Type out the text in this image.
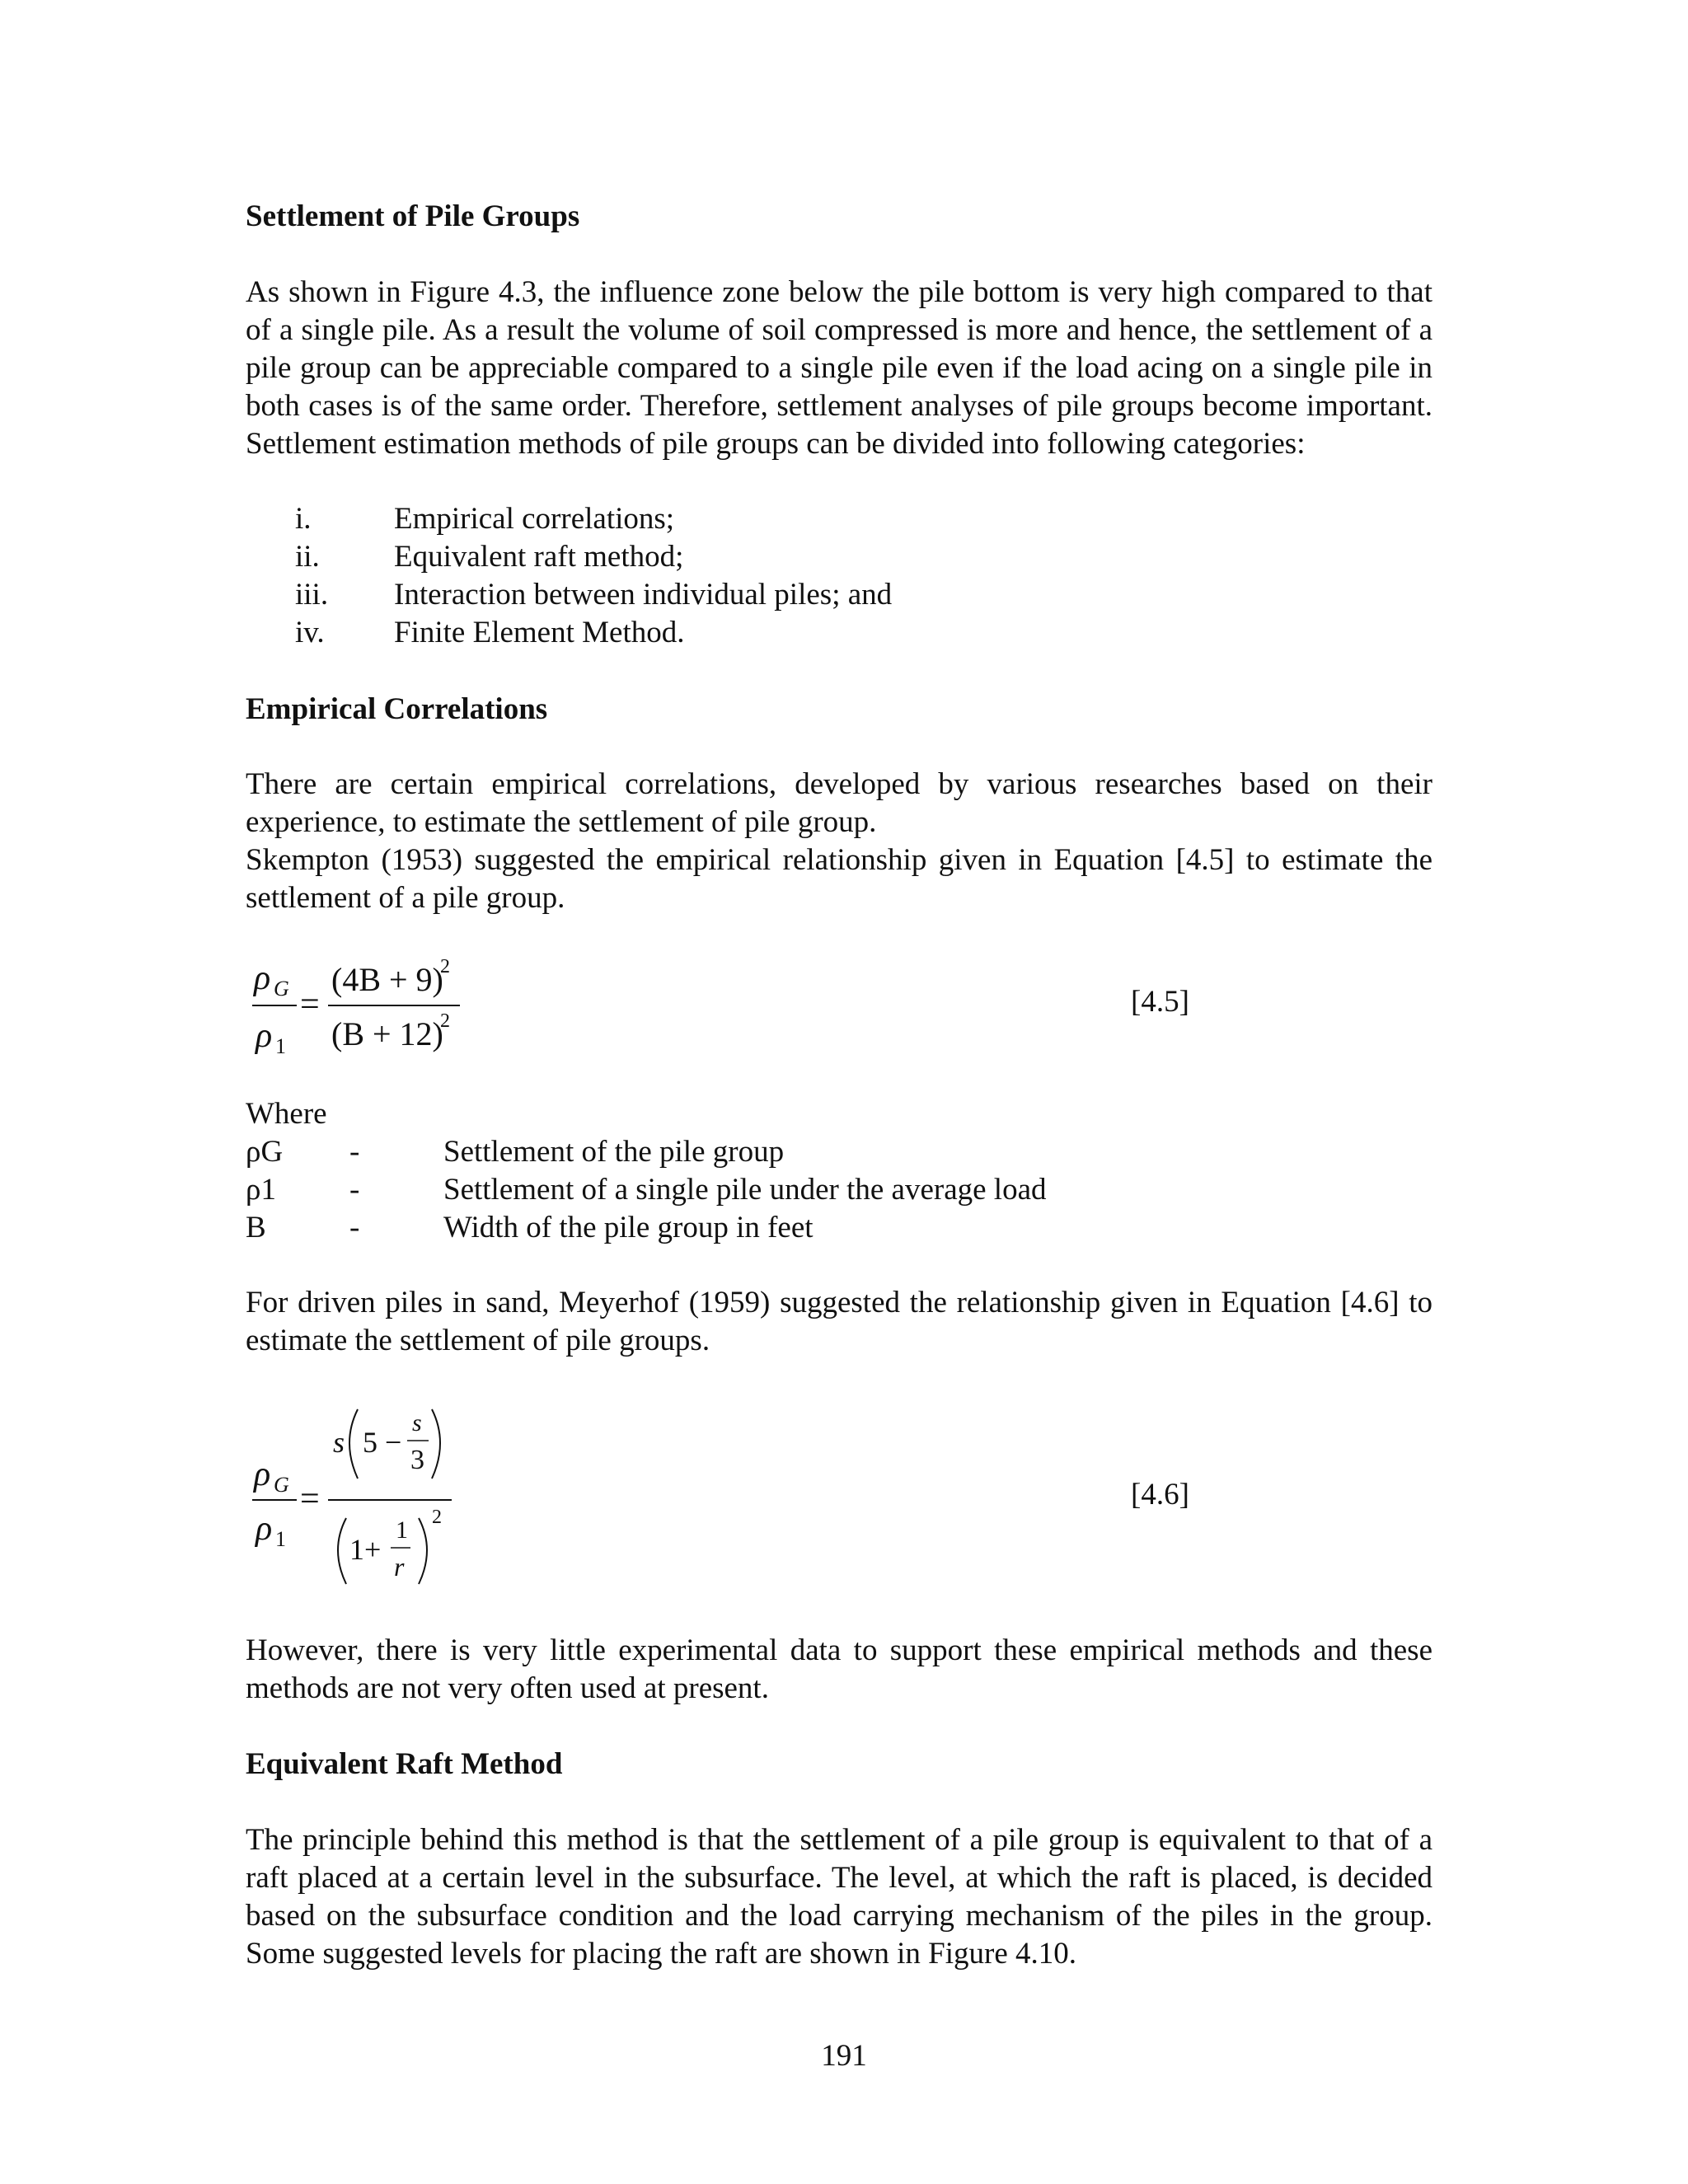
Settlement of Pile Groups

As shown in Figure 4.3, the influence zone below the pile bottom is very high compared to that of a single pile. As a result the volume of soil compressed is more and hence, the settlement of a pile group can be appreciable compared to a single pile even if the load acing on a single pile in both cases is of the same order. Therefore, settlement analyses of pile groups become important. Settlement estimation methods of pile groups can be divided into following categories:

i.	Empirical correlations;
ii. Equivalent raft method;
iii. Interaction between individual piles; and
iv. Finite Element Method.
Empirical Correlations

There are certain empirical correlations, developed by various researches based on their experience, to estimate the settlement of pile group.

Skempton (1953) suggested the empirical relationship given in Equation [4.5] to estimate the settlement of a pile group.

ρ G
ρ 1
=
(4B + 9)
2
(B + 12)
2
[4.5]

Where

ρG -	Settlement of the pile group
ρ1 -	Settlement of a single pile under the average load
B	-	Width of the pile group in feet

For driven piles in sand, Meyerhof (1959) suggested the relationship given in Equation [4.6] to estimate the settlement of pile groups.

ρ G
ρ 1
=
s 5 −
s
3
1+
1
r
2
[4.6]

However, there is very little experimental data to support these empirical methods and these methods are not very often used at present.

Equivalent Raft Method

The principle behind this method is that the settlement of a pile group is equivalent to that of a raft placed at a certain level in the subsurface. The level, at which the raft is placed, is decided based on the subsurface condition and the load carrying mechanism of the piles in the group. Some suggested levels for placing the raft are shown in Figure 4.10.

191
